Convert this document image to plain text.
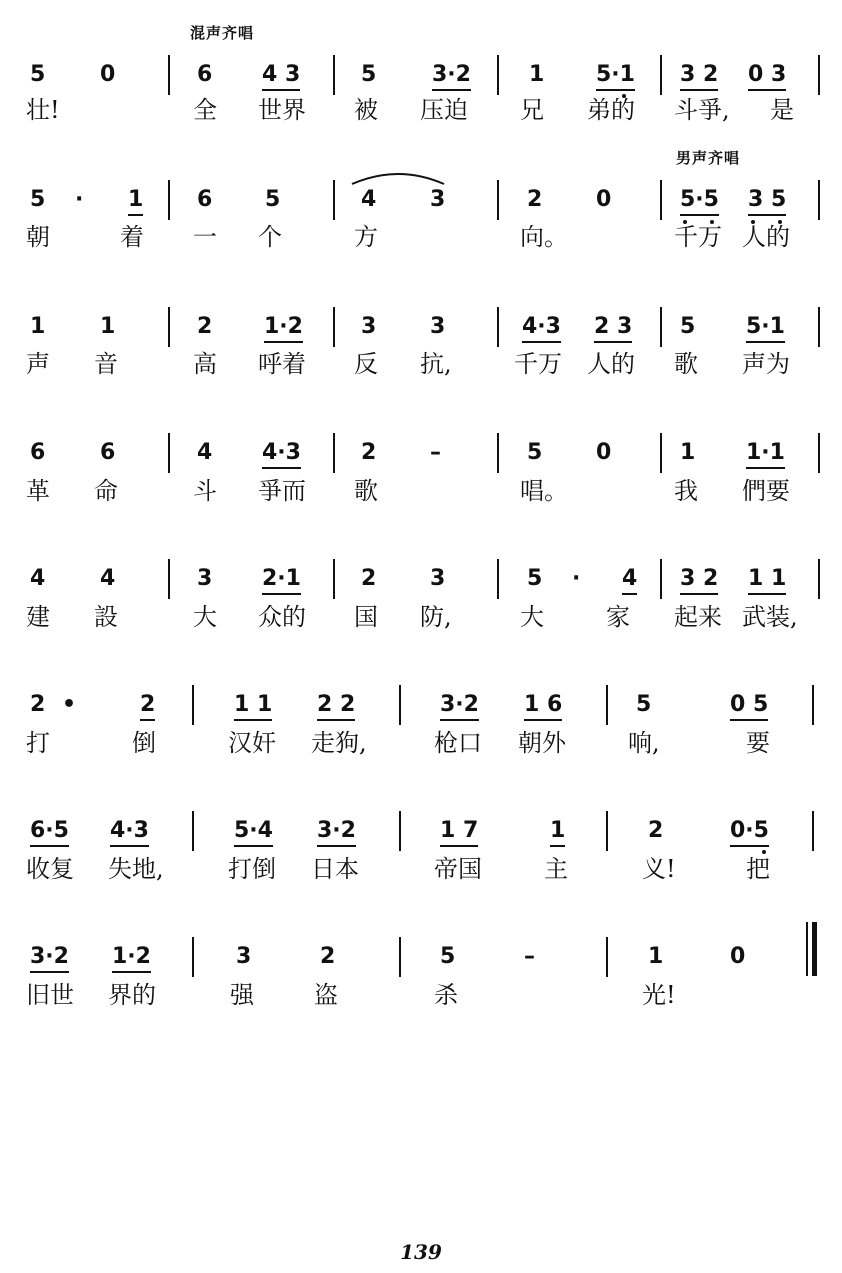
混声齐唱
男声齐唱
5 0	6 4 3	5	3·2	1 5·1 3 2 0 3
壮!	全 世界 被 压迫 兄 弟的 斗爭, 是
5 · 1 6 5	4 3	2 0	5·5 3 5
朝	着 一 个	方	向。	千万 人的
1 1	2 1·2	3 3	4·3 2 3 5 5·1
声 音	高 呼着 反 抗,	千万 人的 歌 声为
6 6	4 4·3	2 –	5 0	1 1·1
革 命	斗 爭而 歌	唱。	我 們要
4 4	3 2·1	2 3	5 · 4 3 2 1 1
建 設	大 众的 国 防,	大	家 起来 武装,
2 •	2	1 1 2 2	3·2 1 6	5	0 5
打	倒	汉奸 走狗,	枪口 朝外	响,	要
6·5 4·3	5·4 3·2	1 7	1	2	0·5
收复 失地,	打倒 日本	帝国	主	义!	把
3·2 1·2	3	2	5	–	1	0
旧世 界的	强	盗	杀	光!
139
